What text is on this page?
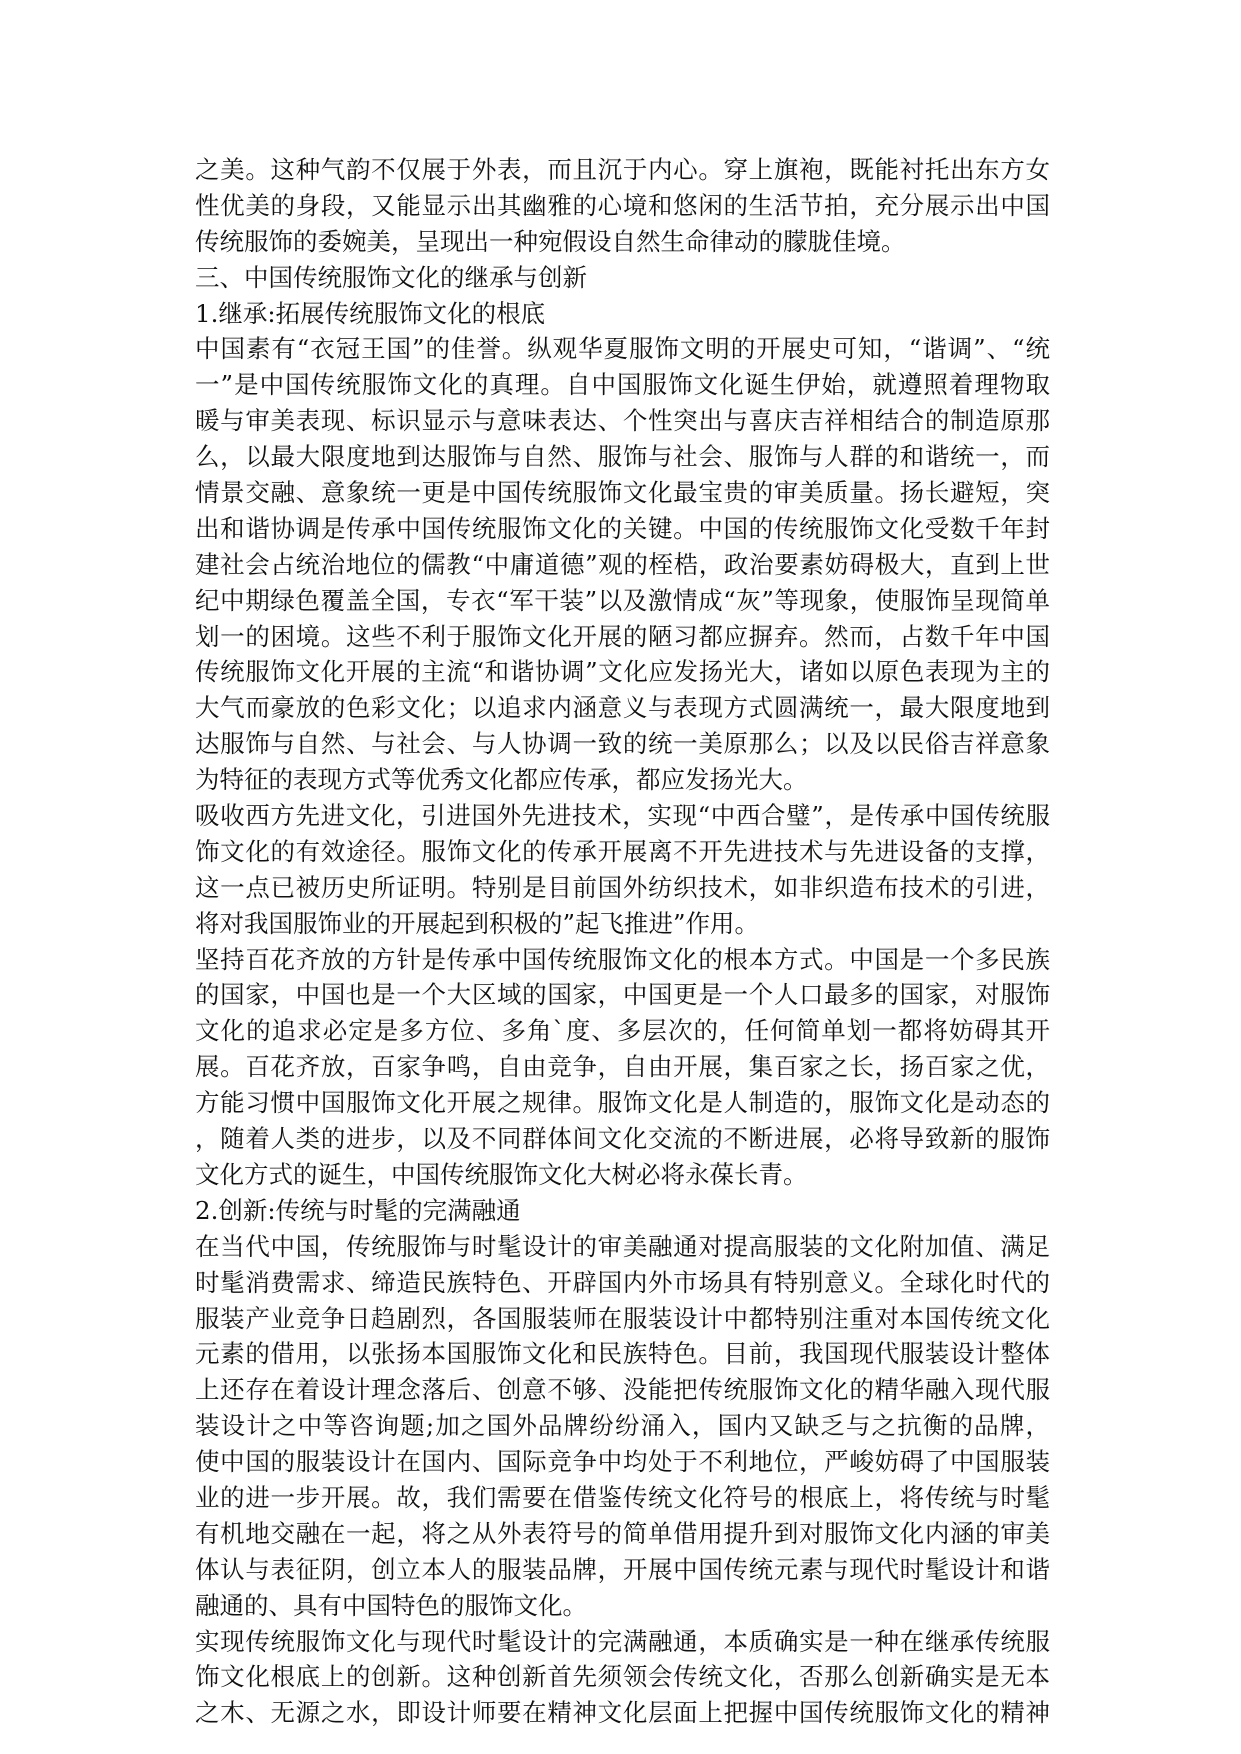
之美。这种气韵不仅展于外表，而且沉于内心。穿上旗袍，既能衬托出东方女
性优美的身段，又能显示出其幽雅的心境和悠闲的生活节拍，充分展示出中国
传统服饰的委婉美，呈现出一种宛假设自然生命律动的朦胧佳境。
三、中国传统服饰文化的继承与创新
1.继承:拓展传统服饰文化的根底
中国素有“衣冠王国”的佳誉。纵观华夏服饰文明的开展史可知，“谐调”、“统
一”是中国传统服饰文化的真理。自中国服饰文化诞生伊始，就遵照着理物取
暖与审美表现、标识显示与意味表达、个性突出与喜庆吉祥相结合的制造原那
么，以最大限度地到达服饰与自然、服饰与社会、服饰与人群的和谐统一，而
情景交融、意象统一更是中国传统服饰文化最宝贵的审美质量。扬长避短，突
出和谐协调是传承中国传统服饰文化的关键。中国的传统服饰文化受数千年封
建社会占统治地位的儒教“中庸道德”观的桎梏，政治要素妨碍极大，直到上世
纪中期绿色覆盖全国，专衣“军干装”以及激情成“灰”等现象，使服饰呈现简单
划一的困境。这些不利于服饰文化开展的陋习都应摒弃。然而，占数千年中国
传统服饰文化开展的主流“和谐协调”文化应发扬光大，诸如以原色表现为主的
大气而豪放的色彩文化；以追求内涵意义与表现方式圆满统一，最大限度地到
达服饰与自然、与社会、与人协调一致的统一美原那么；以及以民俗吉祥意象
为特征的表现方式等优秀文化都应传承，都应发扬光大。
吸收西方先进文化，引进国外先进技术，实现“中西合璧”，是传承中国传统服
饰文化的有效途径。服饰文化的传承开展离不开先进技术与先进设备的支撑，
这一点已被历史所证明。特别是目前国外纺织技术，如非织造布技术的引进，
将对我国服饰业的开展起到积极的”起飞推进”作用。
坚持百花齐放的方针是传承中国传统服饰文化的根本方式。中国是一个多民族
的国家，中国也是一个大区域的国家，中国更是一个人口最多的国家，对服饰
文化的追求必定是多方位、多角`度、多层次的，任何简单划一都将妨碍其开
展。百花齐放，百家争鸣，自由竞争，自由开展，集百家之长，扬百家之优，
方能习惯中国服饰文化开展之规律。服饰文化是人制造的，服饰文化是动态的
，随着人类的进步，以及不同群体间文化交流的不断进展，必将导致新的服饰
文化方式的诞生，中国传统服饰文化大树必将永葆长青。
2.创新:传统与时髦的完满融通
在当代中国，传统服饰与时髦设计的审美融通对提高服装的文化附加值、满足
时髦消费需求、缔造民族特色、开辟国内外市场具有特别意义。全球化时代的
服装产业竞争日趋剧烈，各国服装师在服装设计中都特别注重对本国传统文化
元素的借用，以张扬本国服饰文化和民族特色。目前，我国现代服装设计整体
上还存在着设计理念落后、创意不够、没能把传统服饰文化的精华融入现代服
装设计之中等咨询题;加之国外品牌纷纷涌入，国内又缺乏与之抗衡的品牌，
使中国的服装设计在国内、国际竞争中均处于不利地位，严峻妨碍了中国服装
业的进一步开展。故，我们需要在借鉴传统文化符号的根底上，将传统与时髦
有机地交融在一起，将之从外表符号的简单借用提升到对服饰文化内涵的审美
体认与表征阴，创立本人的服装品牌，开展中国传统元素与现代时髦设计和谐
融通的、具有中国特色的服饰文化。
实现传统服饰文化与现代时髦设计的完满融通，本质确实是一种在继承传统服
饰文化根底上的创新。这种创新首先须领会传统文化，否那么创新确实是无本
之木、无源之水，即设计师要在精神文化层面上把握中国传统服饰文化的精神
